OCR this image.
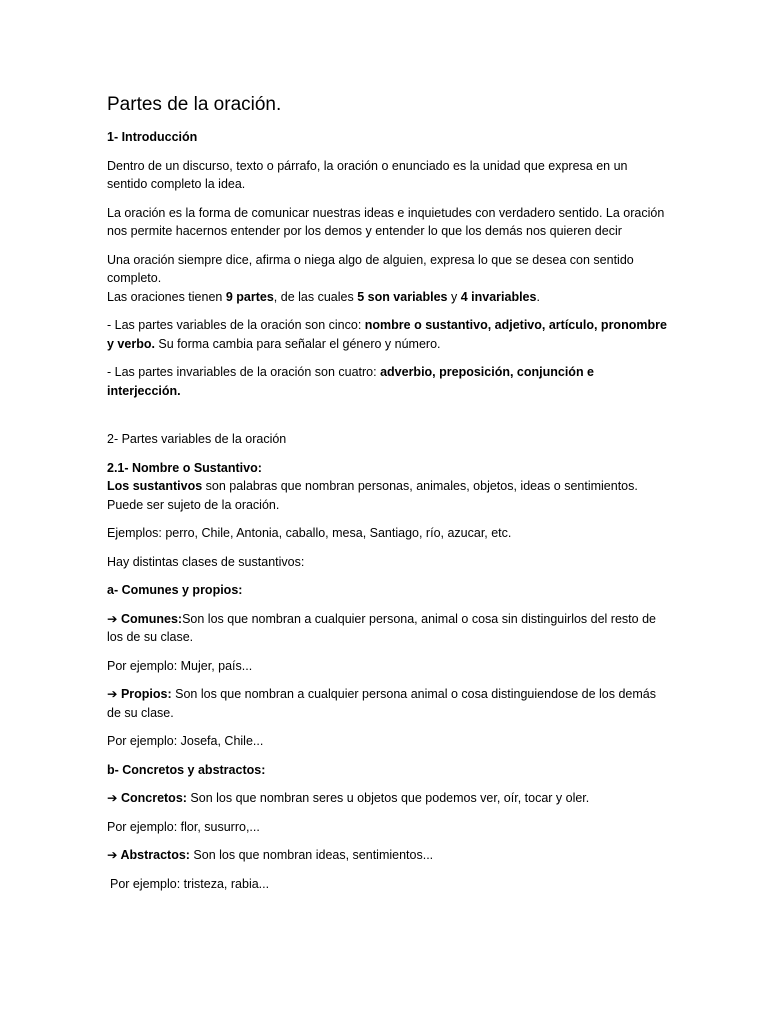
Partes de la oración.

1- Introducción

Dentro de un discurso, texto o párrafo, la oración o enunciado es la unidad que expresa en un sentido completo la idea.

La oración es la forma de comunicar nuestras ideas e inquietudes con verdadero sentido. La oración nos permite hacernos entender por los demos y entender lo que los demás nos quieren decir

Una oración siempre dice, afirma o niega algo de alguien, expresa lo que se desea con sentido completo.
Las oraciones tienen 9 partes, de las cuales 5 son variables y 4 invariables.

- Las partes variables de la oración son cinco: nombre o sustantivo, adjetivo, artículo, pronombre y verbo. Su forma cambia para señalar el género y número.

- Las partes invariables de la oración son cuatro: adverbio, preposición, conjunción e interjección.

2- Partes variables de la oración

2.1- Nombre o Sustantivo:
Los sustantivos son palabras que nombran personas, animales, objetos, ideas o sentimientos. Puede ser sujeto de la oración.

Ejemplos: perro, Chile, Antonia, caballo, mesa, Santiago, río, azucar, etc.

Hay distintas clases de sustantivos:

a- Comunes y propios:

➔ Comunes:Son los que nombran a cualquier persona, animal o cosa sin distinguirlos del resto de los de su clase.

Por ejemplo: Mujer, país...

➔ Propios: Son los que nombran a cualquier persona animal o cosa distinguiendose de los demás de su clase.

Por ejemplo: Josefa, Chile...

b- Concretos y abstractos:

➔ Concretos: Son los que nombran seres u objetos que podemos ver, oír, tocar y oler.

Por ejemplo: flor, susurro,...

➔ Abstractos: Son los que nombran ideas, sentimientos...

Por ejemplo: tristeza, rabia...
